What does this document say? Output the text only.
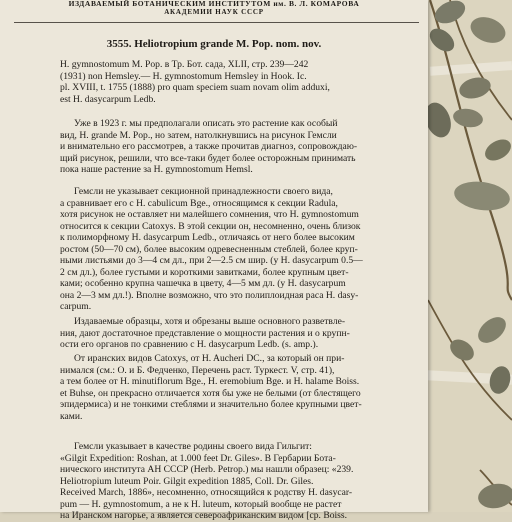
ИЗДАВАЕМЫЙ БОТАНИЧЕСКИМ ИНСТИТУТОМ им. В. Л. КОМАРОВА
АКАДЕМИИ НАУК СССР
3555. Heliotropium grande M. Pop. nom. nov.
H. gymnostomum M. Pop. в Тр. Бот. сада, XLII, стр. 239—242
(1931) non Hemsley.— H. gymnostomum Hemsley in Hook. Ic.
pl. XVIII, t. 1755 (1888) pro quam speciem suam novam olim adduxi,
est H. dasycarpum Ledb.
Уже в 1923 г. мы предполагали описать это растение как особый
вид, H. grande M. Pop., но затем, натолкнувшись на рисунок Гемсли
и внимательно его рассмотрев, а также прочитав диагноз, сопровождаю-
щий рисунок, решили, что все-таки будет более осторожным принимать
пока наше растение за H. gymnostomum Hemsl.
Гемсли не указывает секционной принадлежности своего вида,
а сравнивает его с H. cabulicum Bge., относящимся к секции Radula,
хотя рисунок не оставляет ни малейшего сомнения, что H. gymnostomum
относится к секции Catoxys. В этой секции он, несомненно, очень близок
к полиморфному H. dasycarpum Ledb., отличаясь от него более высоким
ростом (50—70 см), более высоким одревесненным стеблей, более круп-
ными листьями до 3—4 см дл., при 2—2.5 см шир. (у H. dasycarpum 0.5—
2 см дл.), более густыми и короткими завитками, более крупным цвет-
ками; особенно крупна чашечка в цвету, 4—5 мм дл. (у H. dasycarpum
она 2—3 мм дл.!). Вполне возможно, что это полиплоидная раса H. dasy-
carpum.
Издаваемые образцы, хотя и обрезаны выше основного разветвле-
ния, дают достаточное представление о мощности растения и о крупн-
ости его органов по сравнению с H. dasycarpum Ledb. (s. amp.).
От иранских видов Catoxys, от H. Aucheri DC., за который он при-
нимался (см.: О. и Б. Федченко, Перечень раст. Туркест. V, стр. 41),
а тем более от H. minutiflorum Bge., H. eremobium Bge. и H. halame Boiss.
et Buhse, он прекрасно отличается хотя бы уже не белыми (от блестящего
эпидермиса) и не тонкими стеблями и значительно более крупными цвет-
ками.
Гемсли указывает в качестве родины своего вида Гильгит:
«Gilgit Expedition: Roshan, at 1.000 feet Dr. Giles». В Гербарии Бота-
нического института АН СССР (Herb. Petrop.) мы нашли образец: «239.
Heliotropium luteum Poir. Gilgit expedition 1885, Coll. Dr. Giles.
Received March, 1886», несомненно, относящийся к родству H. dasycar-
pum — H. gymnostomum, а не к H. luteum, который вообще не растет
на Иранском нагорье, а является североафриканским видом [ср. Boiss.
